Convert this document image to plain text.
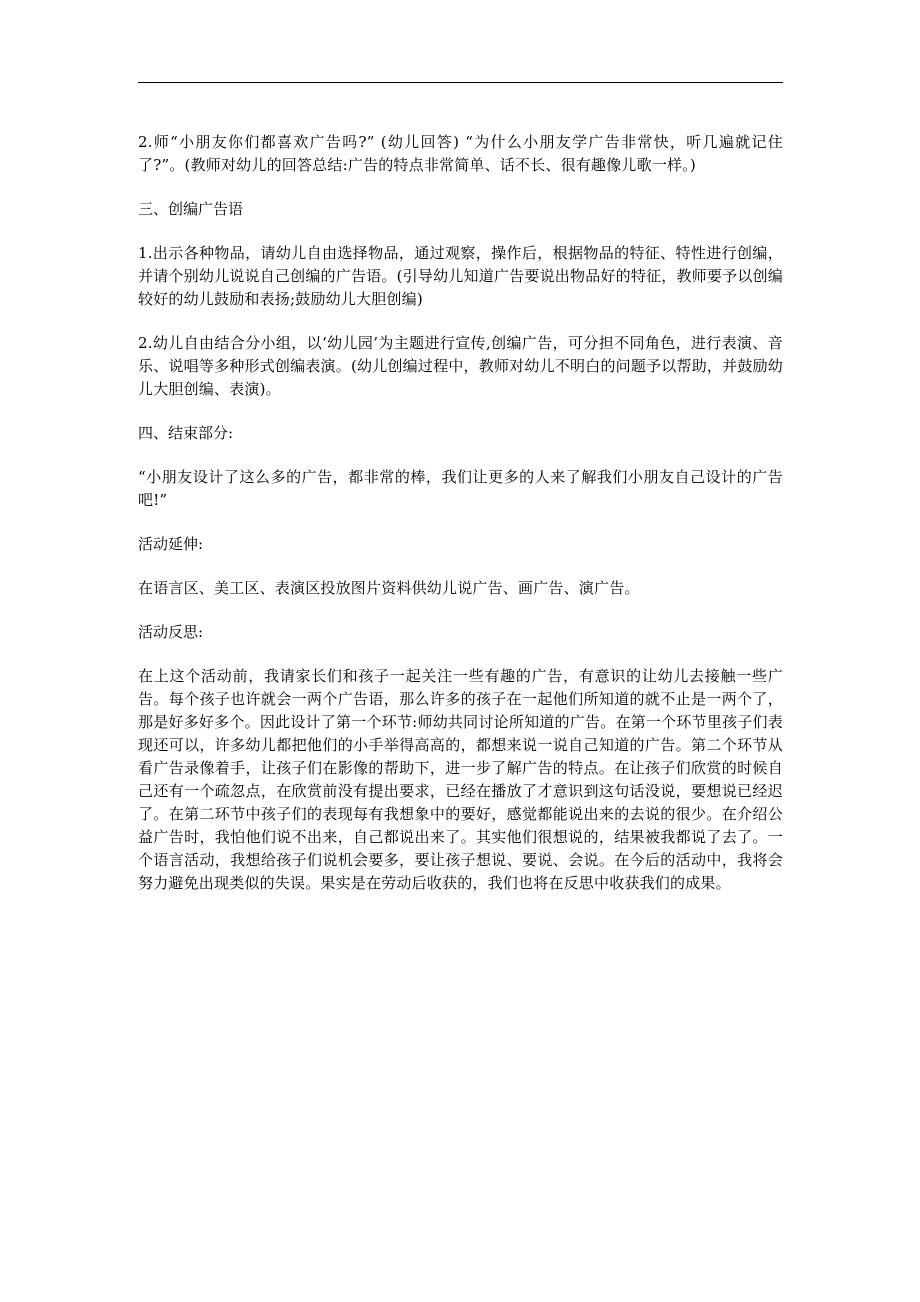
2.师“小朋友你们都喜欢广告吗?” (幼儿回答) “为什么小朋友学广告非常快，听几遍就记住了?”。(教师对幼儿的回答总结:广告的特点非常简单、话不长、很有趣像儿歌一样。)

三、创编广告语

1.出示各种物品，请幼儿自由选择物品，通过观察，操作后，根据物品的特征、特性进行创编，并请个别幼儿说说自己创编的广告语。(引导幼儿知道广告要说出物品好的特征，教师要予以创编较好的幼儿鼓励和表扬;鼓励幼儿大胆创编)

2.幼儿自由结合分小组，以‘幼儿园’为主题进行宣传,创编广告，可分担不同角色，进行表演、音乐、说唱等多种形式创编表演。(幼儿创编过程中，教师对幼儿不明白的问题予以帮助，并鼓励幼儿大胆创编、表演)。

四、结束部分:

“小朋友设计了这么多的广告，都非常的棒，我们让更多的人来了解我们小朋友自己设计的广告吧!”

活动延伸:

在语言区、美工区、表演区投放图片资料供幼儿说广告、画广告、演广告。

活动反思:

在上这个活动前，我请家长们和孩子一起关注一些有趣的广告，有意识的让幼儿去接触一些广告。每个孩子也许就会一两个广告语，那么许多的孩子在一起他们所知道的就不止是一两个了，那是好多好多个。因此设计了第一个环节:师幼共同讨论所知道的广告。在第一个环节里孩子们表现还可以，许多幼儿都把他们的小手举得高高的，都想来说一说自己知道的广告。第二个环节从看广告录像着手，让孩子们在影像的帮助下，进一步了解广告的特点。在让孩子们欣赏的时候自己还有一个疏忽点，在欣赏前没有提出要求，已经在播放了才意识到这句话没说，要想说已经迟了。在第二环节中孩子们的表现每有我想象中的要好，感觉都能说出来的去说的很少。在介绍公益广告时，我怕他们说不出来，自己都说出来了。其实他们很想说的，结果被我都说了去了。一个语言活动，我想给孩子们说机会要多，要让孩子想说、要说、会说。在今后的活动中，我将会努力避免出现类似的失误。果实是在劳动后收获的，我们也将在反思中收获我们的成果。
